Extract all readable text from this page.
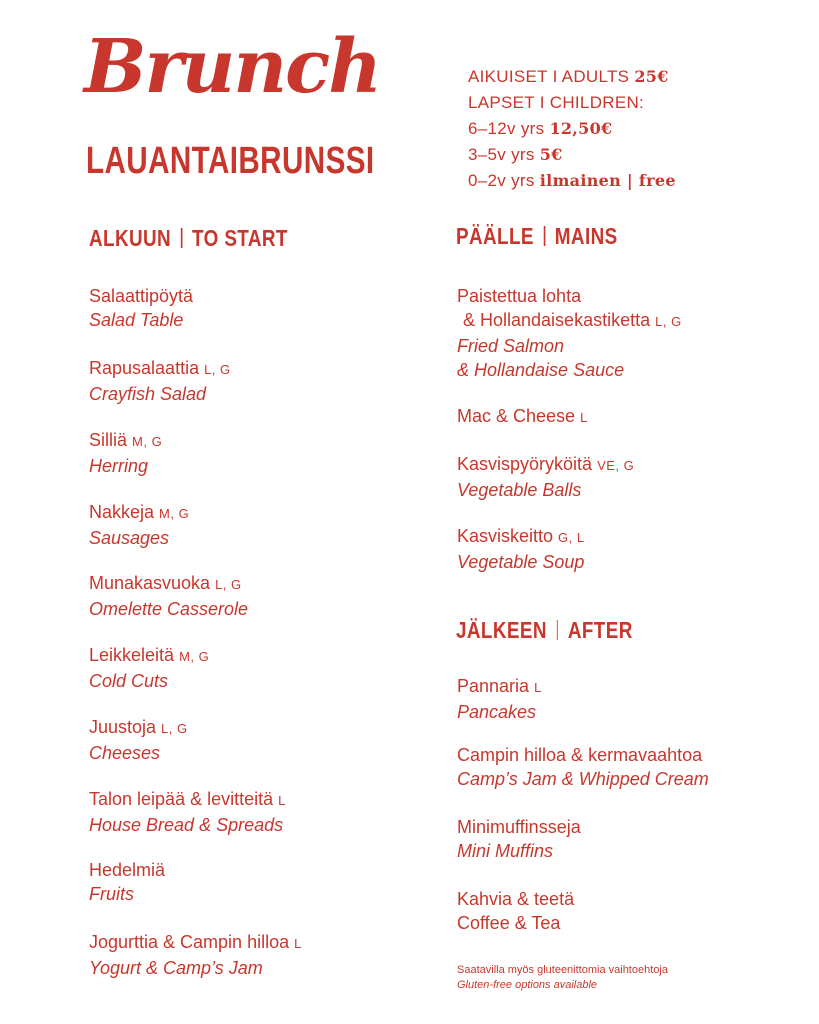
Brunch
LAUANTAIBRUNSSI
AIKUISET I ADULTS 25€
LAPSET I CHILDREN:
6–12v yrs 12,50€
3–5v yrs 5€
0–2v yrs ilmainen | free
ALKUUN TO START	PÄÄLLE MAINS
JÄLKEEN AFTER
Salaattipöytä
Salad Table
Rapusalaattia L, G
Crayfish Salad
Silliä M, G
Herring
Nakkeja M, G
Sausages
Munakasvuoka L, G
Omelette Casserole
Leikkeleitä M, G
Cold Cuts
Juustoja L, G
Cheeses
Talon leipää & levitteitä L
House Bread & Spreads
Hedelmiä
Fruits
Jogurttia & Campin hilloa L
Yogurt & Camp’s Jam
Paistettua lohta
& Hollandaisekastiketta L, G
Fried Salmon
& Hollandaise Sauce
Mac & Cheese L
Kasvispyöryköitä VE, G
Vegetable Balls
Kasviskeitto G, L
Vegetable Soup
Pannaria L
Pancakes
Campin hilloa & kermavaahtoa
Camp’s Jam & Whipped Cream
Minimuffinsseja
Mini Muffins
Kahvia & teetä
Coffee & Tea
Saatavilla myös gluteenittomia vaihtoehtoja
Gluten-free options available
